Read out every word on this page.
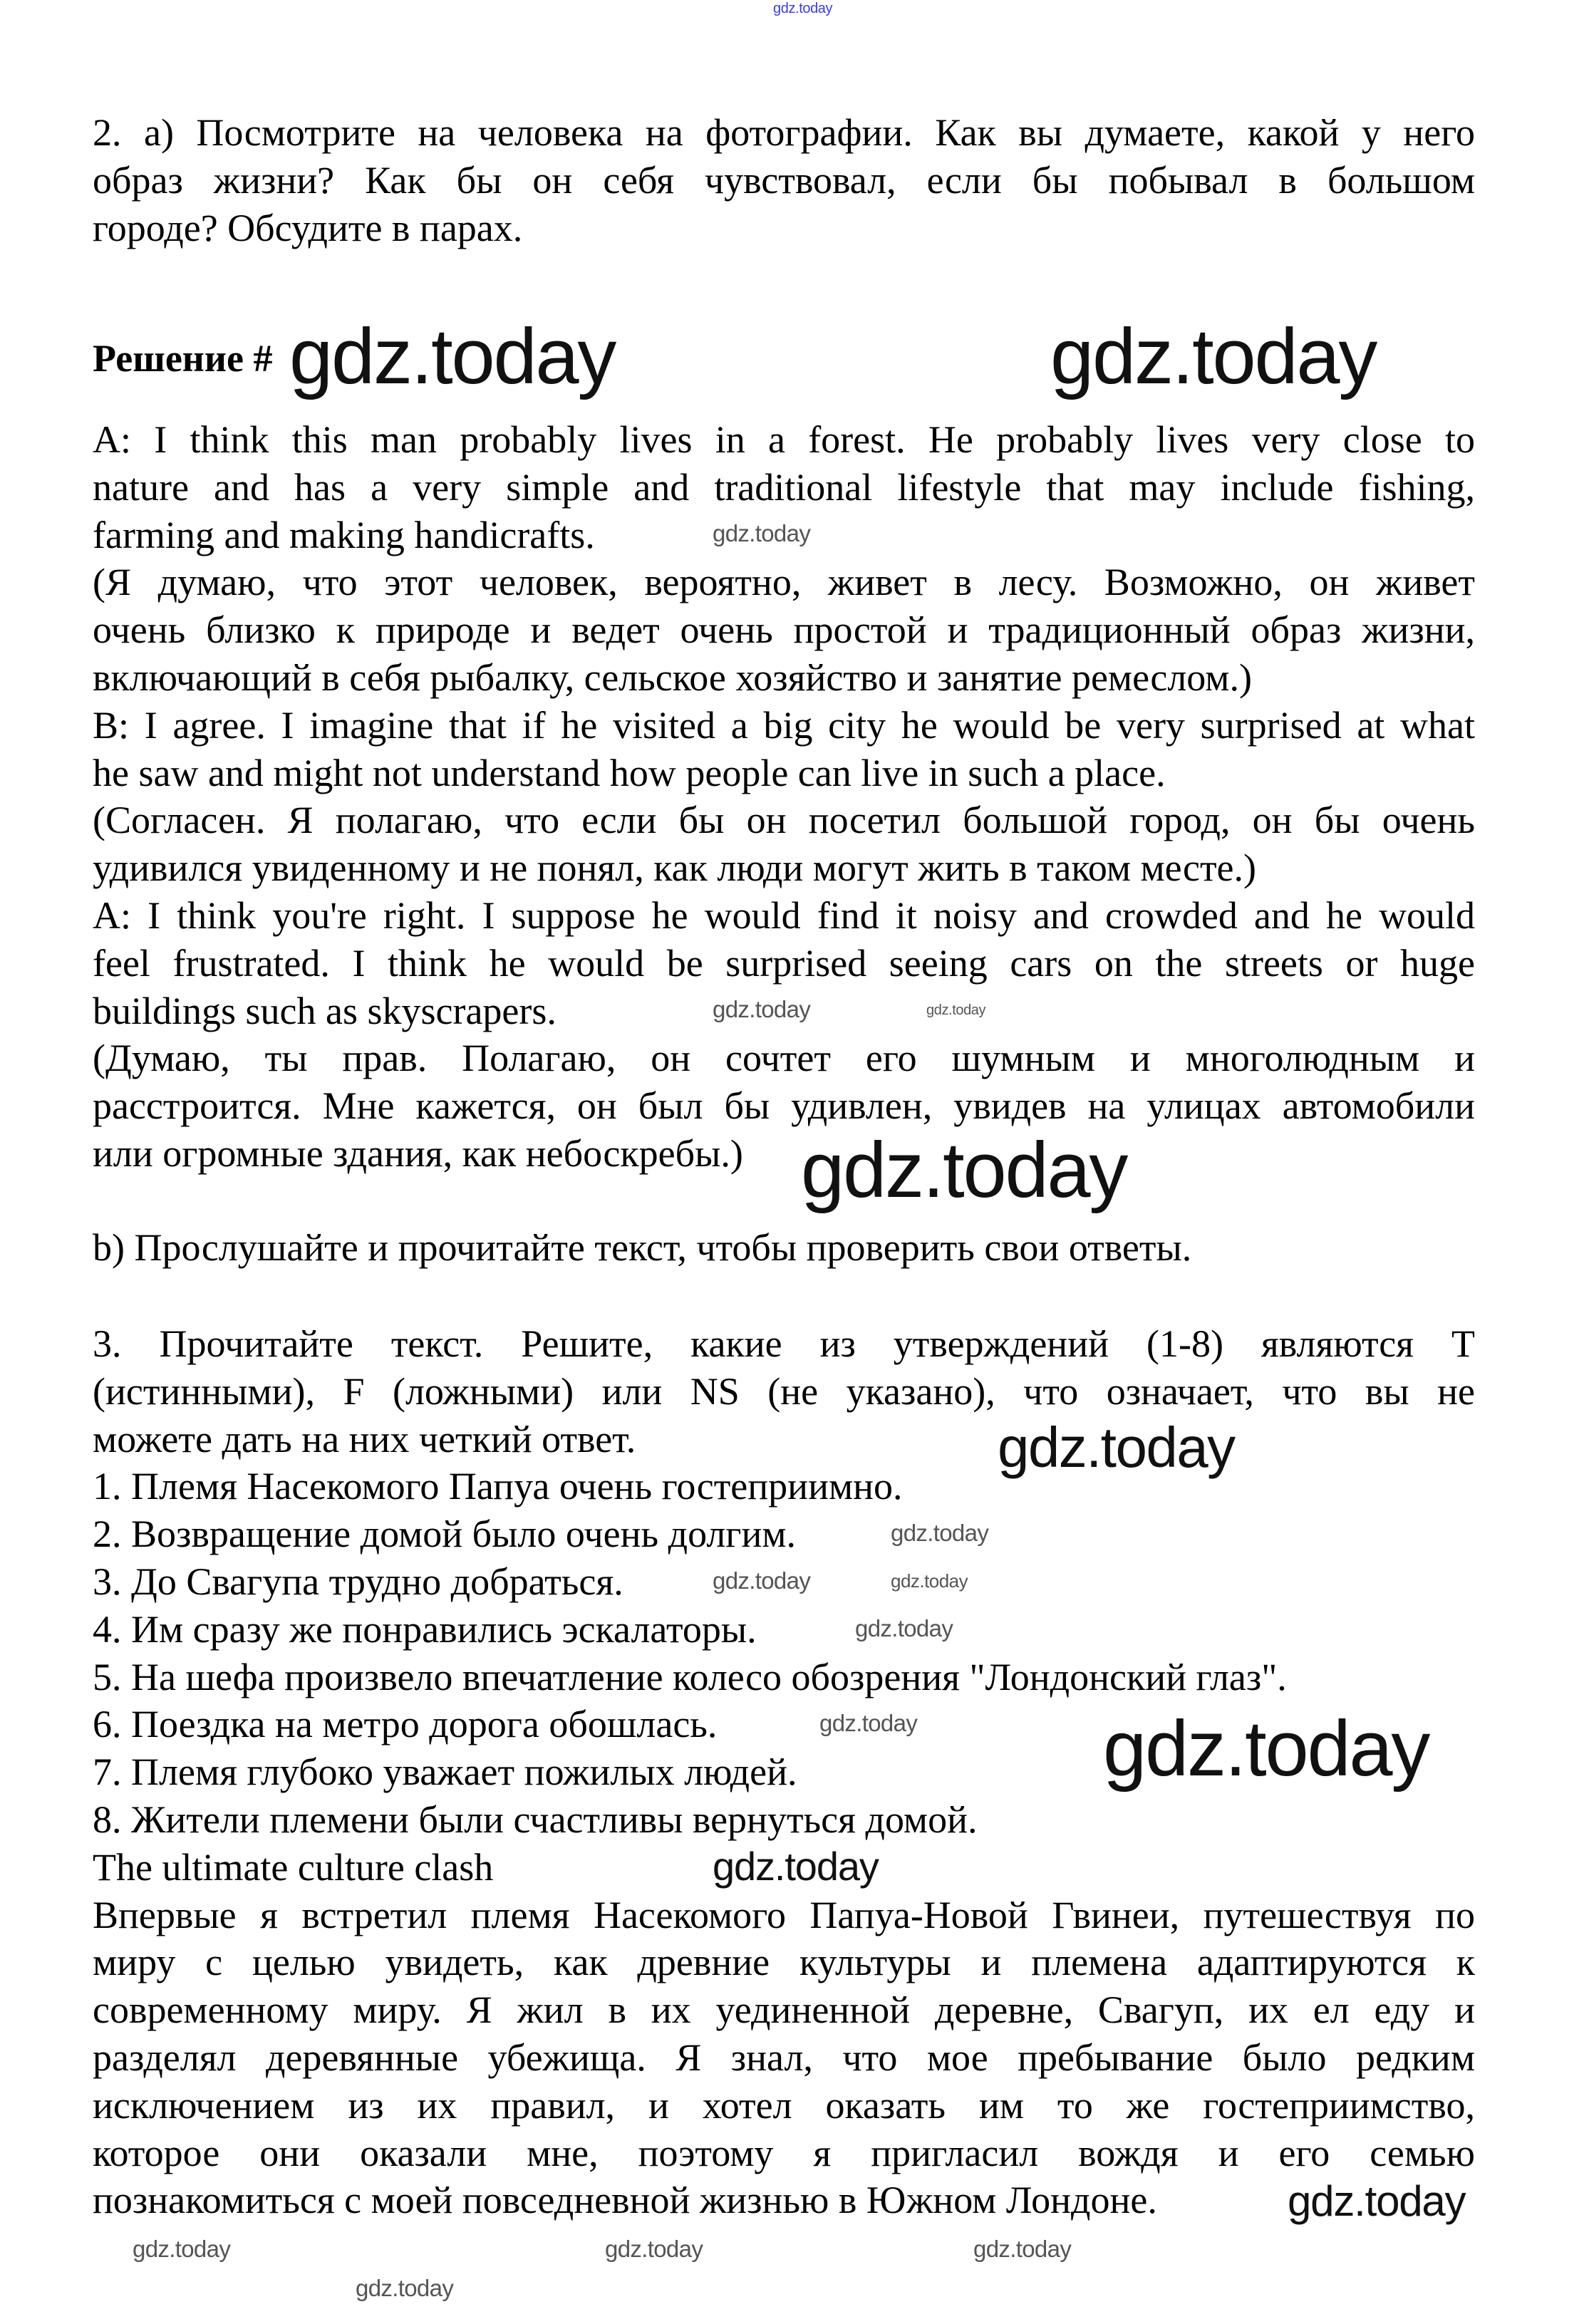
2. а) Посмотрите на человека на фотографии. Как вы думаете, какой у него
образ жизни? Как бы он себя чувствовал, если бы побывал в большом
городе? Обсудите в парах.
Решение #
A: I think this man probably lives in a forest. He probably lives very close to
nature and has a very simple and traditional lifestyle that may include fishing,
farming and making handicrafts.
(Я думаю, что этот человек, вероятно, живет в лесу. Возможно, он живет
очень близко к природе и ведет очень простой и традиционный образ жизни,
включающий в себя рыбалку, сельское хозяйство и занятие ремеслом.)
B: I agree. I imagine that if he visited a big city he would be very surprised at what
he saw and might not understand how people can live in such a place.
(Согласен. Я полагаю, что если бы он посетил большой город, он бы очень
удивился увиденному и не понял, как люди могут жить в таком месте.)
A: I think you're right. I suppose he would find it noisy and crowded and he would
feel frustrated. I think he would be surprised seeing cars on the streets or huge
buildings such as skyscrapers.
(Думаю, ты прав. Полагаю, он сочтет его шумным и многолюдным и
расстроится. Мне кажется, он был бы удивлен, увидев на улицах автомобили
или огромные здания, как небоскребы.)
b) Прослушайте и прочитайте текст, чтобы проверить свои ответы.
3. Прочитайте текст. Решите, какие из утверждений (1-8) являются T
(истинными), F (ложными) или NS (не указано), что означает, что вы не
можете дать на них четкий ответ.
1. Племя Насекомого Папуа очень гостеприимно.
2. Возвращение домой было очень долгим.
3. До Свагупа трудно добраться.
4. Им сразу же понравились эскалаторы.
5. На шефа произвело впечатление колесо обозрения "Лондонский глаз".
6. Поездка на метро дорога обошлась.
7. Племя глубоко уважает пожилых людей.
8. Жители племени были счастливы вернуться домой.
The ultimate culture clash
Впервые я встретил племя Насекомого Папуа-Новой Гвинеи, путешествуя по
миру с целью увидеть, как древние культуры и племена адаптируются к
современному миру. Я жил в их уединенной деревне, Свагуп, их ел еду и
разделял деревянные убежища. Я знал, что мое пребывание было редким
исключением из их правил, и хотел оказать им то же гостеприимство,
которое они оказали мне, поэтому я пригласил вождя и его семью
познакомиться с моей повседневной жизнью в Южном Лондоне.
gdz.today
gdz.today	gdz.today
gdz.today
gdz.today
gdz.today
gdz.today
gdz.today
gdz.today	gdz.today
gdz.today
gdz.today	gdz.today
gdz.today
gdz.today
gdz.today
gdz.today
gdz.today
gdz.today	gdz.today
